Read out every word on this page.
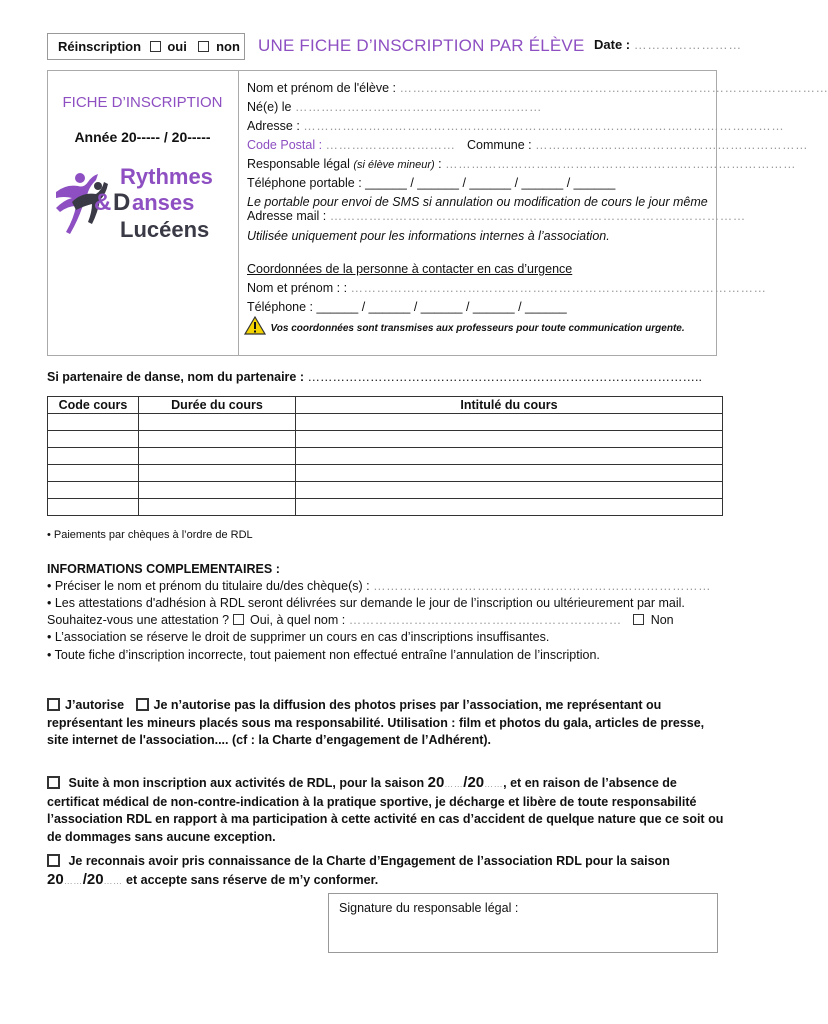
Réinscription oui non UNE FICHE D’INSCRIPTION PAR ÉLÈVE Date : ……………………
FICHE D’INSCRIPTION
Année 20----- / 20-----
Rythmes
& D anses
Lucéens
Nom et prénom de l'élève : ………………………………………………………………………………………
Né(e) le …………………………………………………
Adresse : …………………………………………………………………………………………………
Code Postal : ………………………… Commune : ………………………………………………………
Responsable légal (si élève mineur) : ………………………………………………………………………
Téléphone portable : ______ / ______ / ______ / ______ / ______
Le portable pour envoi de SMS si annulation ou modification de cours le jour même
Adresse mail : ……………………………………………………………………………………
Utilisée uniquement pour les informations internes à l’association.
Coordonnées de la personne à contacter en cas d’urgence
Nom et prénom : : ……………………………………………………………………………………
Téléphone : ______ / ______ / ______ / ______ / ______
Vos coordonnées sont transmises aux professeurs pour toute communication urgente.
Si partenaire de danse, nom du partenaire : …………………………………………………………………………………..
Code cours	Durée du cours	Intitulé du cours

• Paiements par chèques à l’ordre de RDL
INFORMATIONS COMPLEMENTAIRES :
• Préciser le nom et prénom du titulaire du/des chèque(s) : ……………………………………………………………………
• Les attestations d'adhésion à RDL seront délivrées sur demande le jour de l’inscription ou ultérieurement par mail.
Souhaitez-vous une attestation ? Oui, à quel nom : ……………………………………………………… Non
• L’association se réserve le droit de supprimer un cours en cas d’inscriptions insuffisantes.
• Toute fiche d’inscription incorrecte, tout paiement non effectué entraîne l’annulation de l’inscription.
J’autorise Je n’autorise pas la diffusion des photos prises par l’association, me représentant ou représentant les mineurs placés sous ma responsabilité. Utilisation : film et photos du gala, articles de presse, site internet de l'association.... (cf : la Charte d’engagement de l’Adhérent).
Suite à mon inscription aux activités de RDL, pour la saison 20……/20……, et en raison de l’absence de certificat médical de non-contre-indication à la pratique sportive, je décharge et libère de toute responsabilité l’association RDL en rapport à ma participation à cette activité en cas d’accident de quelque nature que ce soit ou de dommages sans aucune exception.
Je reconnais avoir pris connaissance de la Charte d’Engagement de l’association RDL pour la saison
20……/20…… et accepte sans réserve de m’y conformer.
Signature du responsable légal :
